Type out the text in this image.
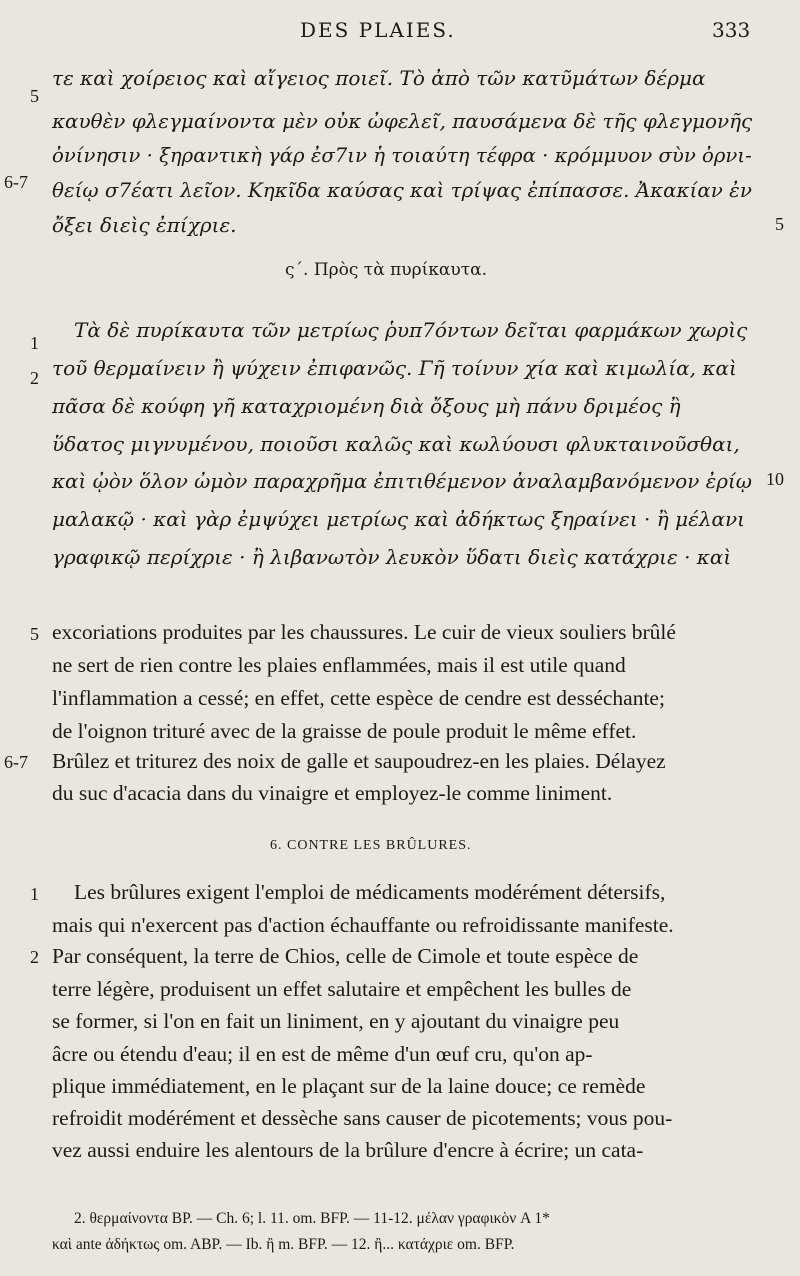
DES PLAIES.	333
5
τε καὶ χοίρειος καὶ αἴγειος ποιεῖ. Τὸ ἀπὸ τῶν κατῦμάτων δέρμα
καυθὲν φλεγμαίνοντα μὲν οὐκ ὠφελεῖ, παυσάμενα δὲ τῆς φλεγμονῆς
ὀνίνησιν · ξηραντικὴ γάρ ἐσ7ιν ἡ τοιαύτη τέφρα · κρόμμυον σὺν ὀρνι-
6-7 θείῳ σ7έατι λεῖον. Κηκῖδα καύσας καὶ τρίψας ἐπίπασσε. Ἀκακίαν ἐν
ὄξει διεὶς ἐπίχριε.	5
ς΄. Πρὸς τὰ πυρίκαυτα.
1
Τὰ δὲ πυρίκαυτα τῶν μετρίως ῥυπ7όντων δεῖται φαρμάκων χωρὶς
2 τοῦ θερμαίνειν ἢ ψύχειν ἐπιφανῶς. Γῆ τοίνυν χία καὶ κιμωλία, καὶ
πᾶσα δὲ κούφη γῆ καταχριομένη διὰ ὄξους μὴ πάνυ δριμέος ἢ
ὕδατος μιγνυμένου, ποιοῦσι καλῶς καὶ κωλύουσι φλυκταινοῦσθαι,
καὶ ᾠὸν ὅλον ὠμὸν παραχρῆμα ἐπιτιθέμενον ἀναλαμβανόμενον ἐρίῳ 10
μαλακῷ · καὶ γὰρ ἐμψύχει μετρίως καὶ ἀδήκτως ξηραίνει · ἢ μέλανι
γραφικῷ περίχριε · ἢ λιβανωτὸν λευκὸν ὕδατι διεὶς κατάχριε · καὶ
5 excoriations produites par les chaussures. Le cuir de vieux souliers brûlé
ne sert de rien contre les plaies enflammées, mais il est utile quand
l'inflammation a cessé; en effet, cette espèce de cendre est desséchante;
de l'oignon trituré avec de la graisse de poule produit le même effet.
6-7 Brûlez et triturez des noix de galle et saupoudrez-en les plaies. Délayez
du suc d'acacia dans du vinaigre et employez-le comme liniment.
6. CONTRE LES BRÛLURES.
1 Les brûlures exigent l'emploi de médicaments modérément détersifs,
mais qui n'exercent pas d'action échauffante ou refroidissante manifeste.
2 Par conséquent, la terre de Chios, celle de Cimole et toute espèce de
terre légère, produisent un effet salutaire et empêchent les bulles de
se former, si l'on en fait un liniment, en y ajoutant du vinaigre peu
âcre ou étendu d'eau; il en est de même d'un œuf cru, qu'on ap-
plique immédiatement, en le plaçant sur de la laine douce; ce remède
refroidit modérément et dessèche sans causer de picotements; vous pou-
vez aussi enduire les alentours de la brûlure d'encre à écrire; un cata-
2. θερμαίνοντα BP. — Ch. 6; l. 11. om. BFP. — 11-12. μέλαν γραφικὸν A 1*
καὶ ante ἀδήκτως om. ABP. — Ib. ἢ m. BFP. — 12. ἢ... κατάχριε om. BFP.
